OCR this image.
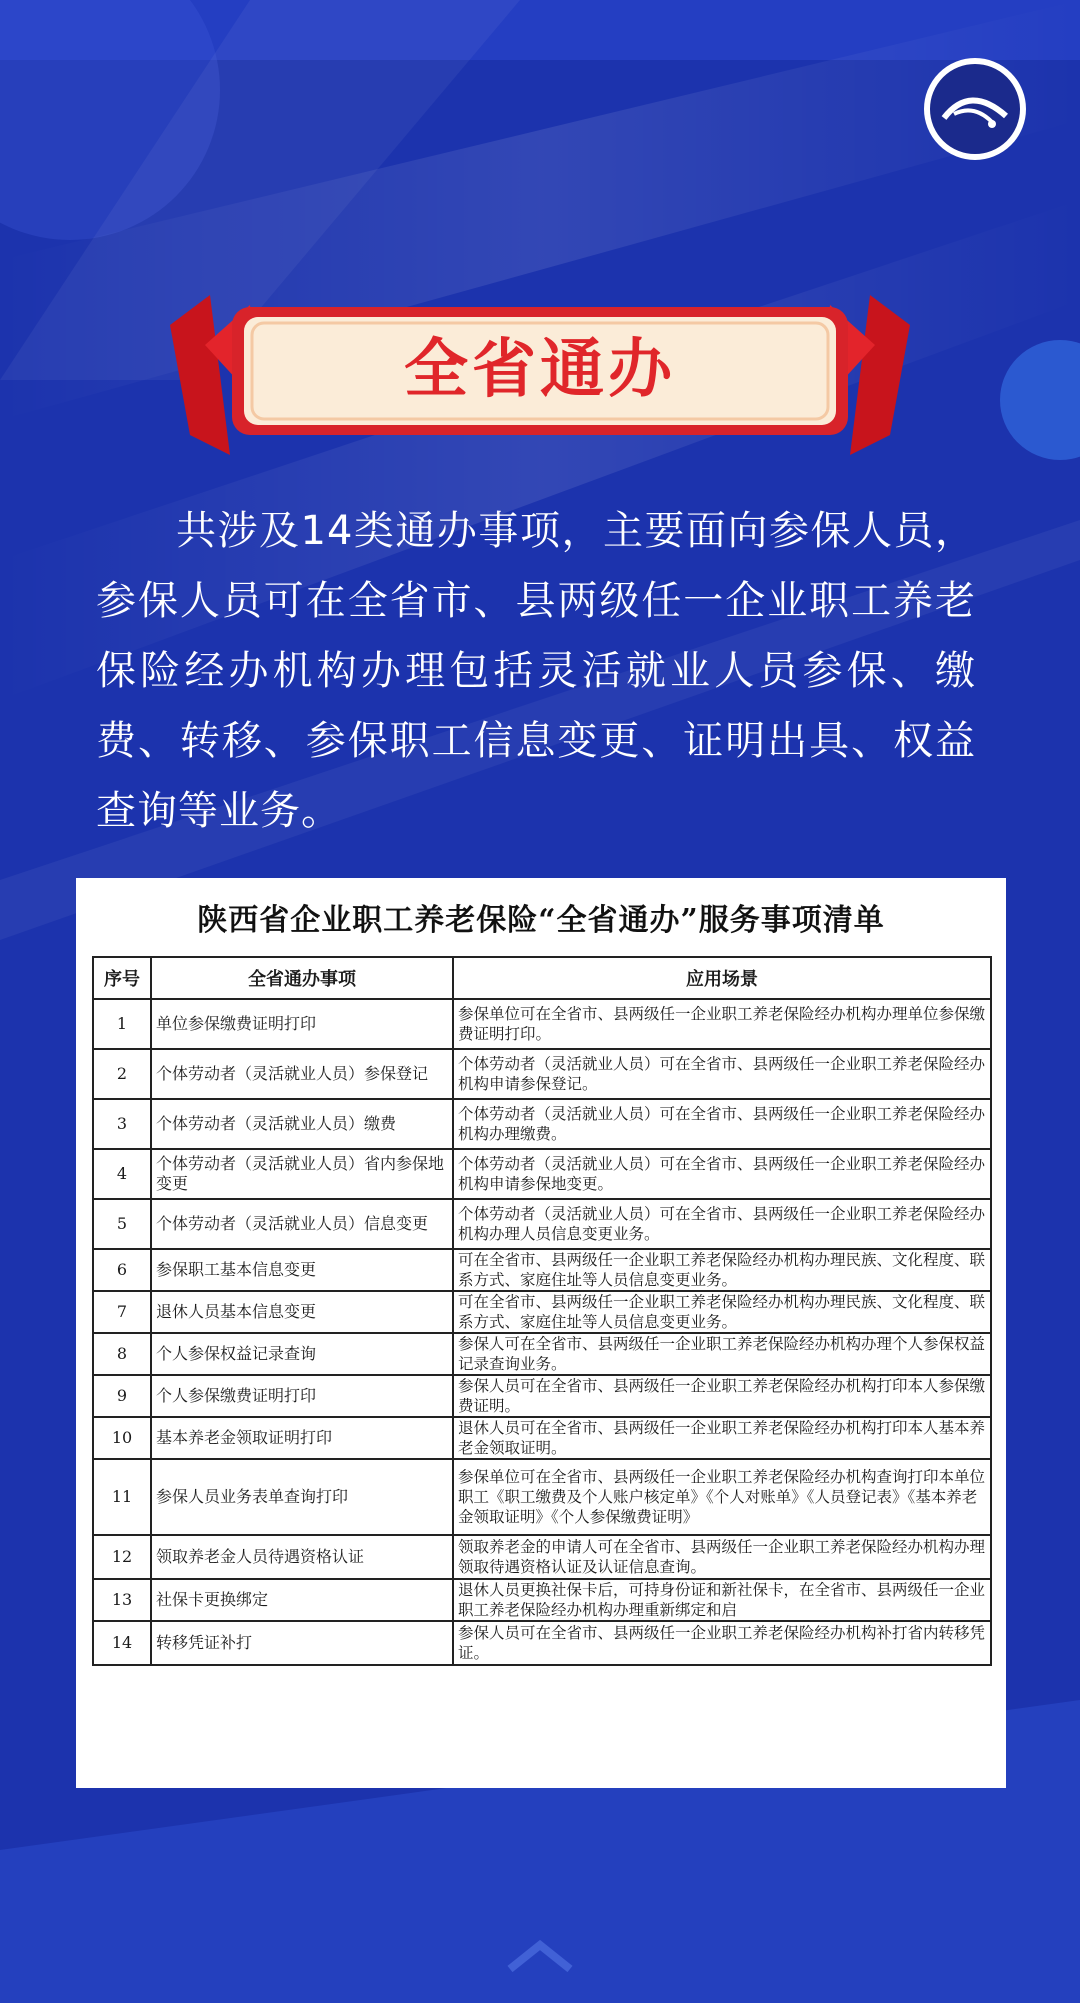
全省通办
共涉及14类通办事项，主要面向参保人员，参保人员可在全省市、县两级任一企业职工养老保险经办机构办理包括灵活就业人员参保、缴费、转移、参保职工信息变更、证明出具、权益查询等业务。
陕西省企业职工养老保险“全省通办”服务事项清单
序号	全省通办事项	应用场景
1	单位参保缴费证明打印	参保单位可在全省市、县两级任一企业职工养老保险经办机构办理单位参保缴费证明打印。
2	个体劳动者（灵活就业人员）参保登记	个体劳动者（灵活就业人员）可在全省市、县两级任一企业职工养老保险经办机构申请参保登记。
3	个体劳动者（灵活就业人员）缴费	个体劳动者（灵活就业人员）可在全省市、县两级任一企业职工养老保险经办机构办理缴费。
4	个体劳动者（灵活就业人员）省内参保地变更	个体劳动者（灵活就业人员）可在全省市、县两级任一企业职工养老保险经办机构申请参保地变更。
5	个体劳动者（灵活就业人员）信息变更	个体劳动者（灵活就业人员）可在全省市、县两级任一企业职工养老保险经办机构办理人员信息变更业务。
6	参保职工基本信息变更	可在全省市、县两级任一企业职工养老保险经办机构办理民族、文化程度、联系方式、家庭住址等人员信息变更业务。
7	退休人员基本信息变更	可在全省市、县两级任一企业职工养老保险经办机构办理民族、文化程度、联系方式、家庭住址等人员信息变更业务。
8	个人参保权益记录查询	参保人可在全省市、县两级任一企业职工养老保险经办机构办理个人参保权益记录查询业务。
9	个人参保缴费证明打印	参保人员可在全省市、县两级任一企业职工养老保险经办机构打印本人参保缴费证明。
10	基本养老金领取证明打印	退休人员可在全省市、县两级任一企业职工养老保险经办机构打印本人基本养老金领取证明。
11	参保人员业务表单查询打印	参保单位可在全省市、县两级任一企业职工养老保险经办机构查询打印本单位职工《职工缴费及个人账户核定单》《个人对账单》《人员登记表》《基本养老金领取证明》《个人参保缴费证明》
12	领取养老金人员待遇资格认证	领取养老金的申请人可在全省市、县两级任一企业职工养老保险经办机构办理领取待遇资格认证及认证信息查询。
13	社保卡更换绑定	退休人员更换社保卡后，可持身份证和新社保卡，在全省市、县两级任一企业职工养老保险经办机构办理重新绑定和启
14	转移凭证补打	参保人员可在全省市、县两级任一企业职工养老保险经办机构补打省内转移凭证。
